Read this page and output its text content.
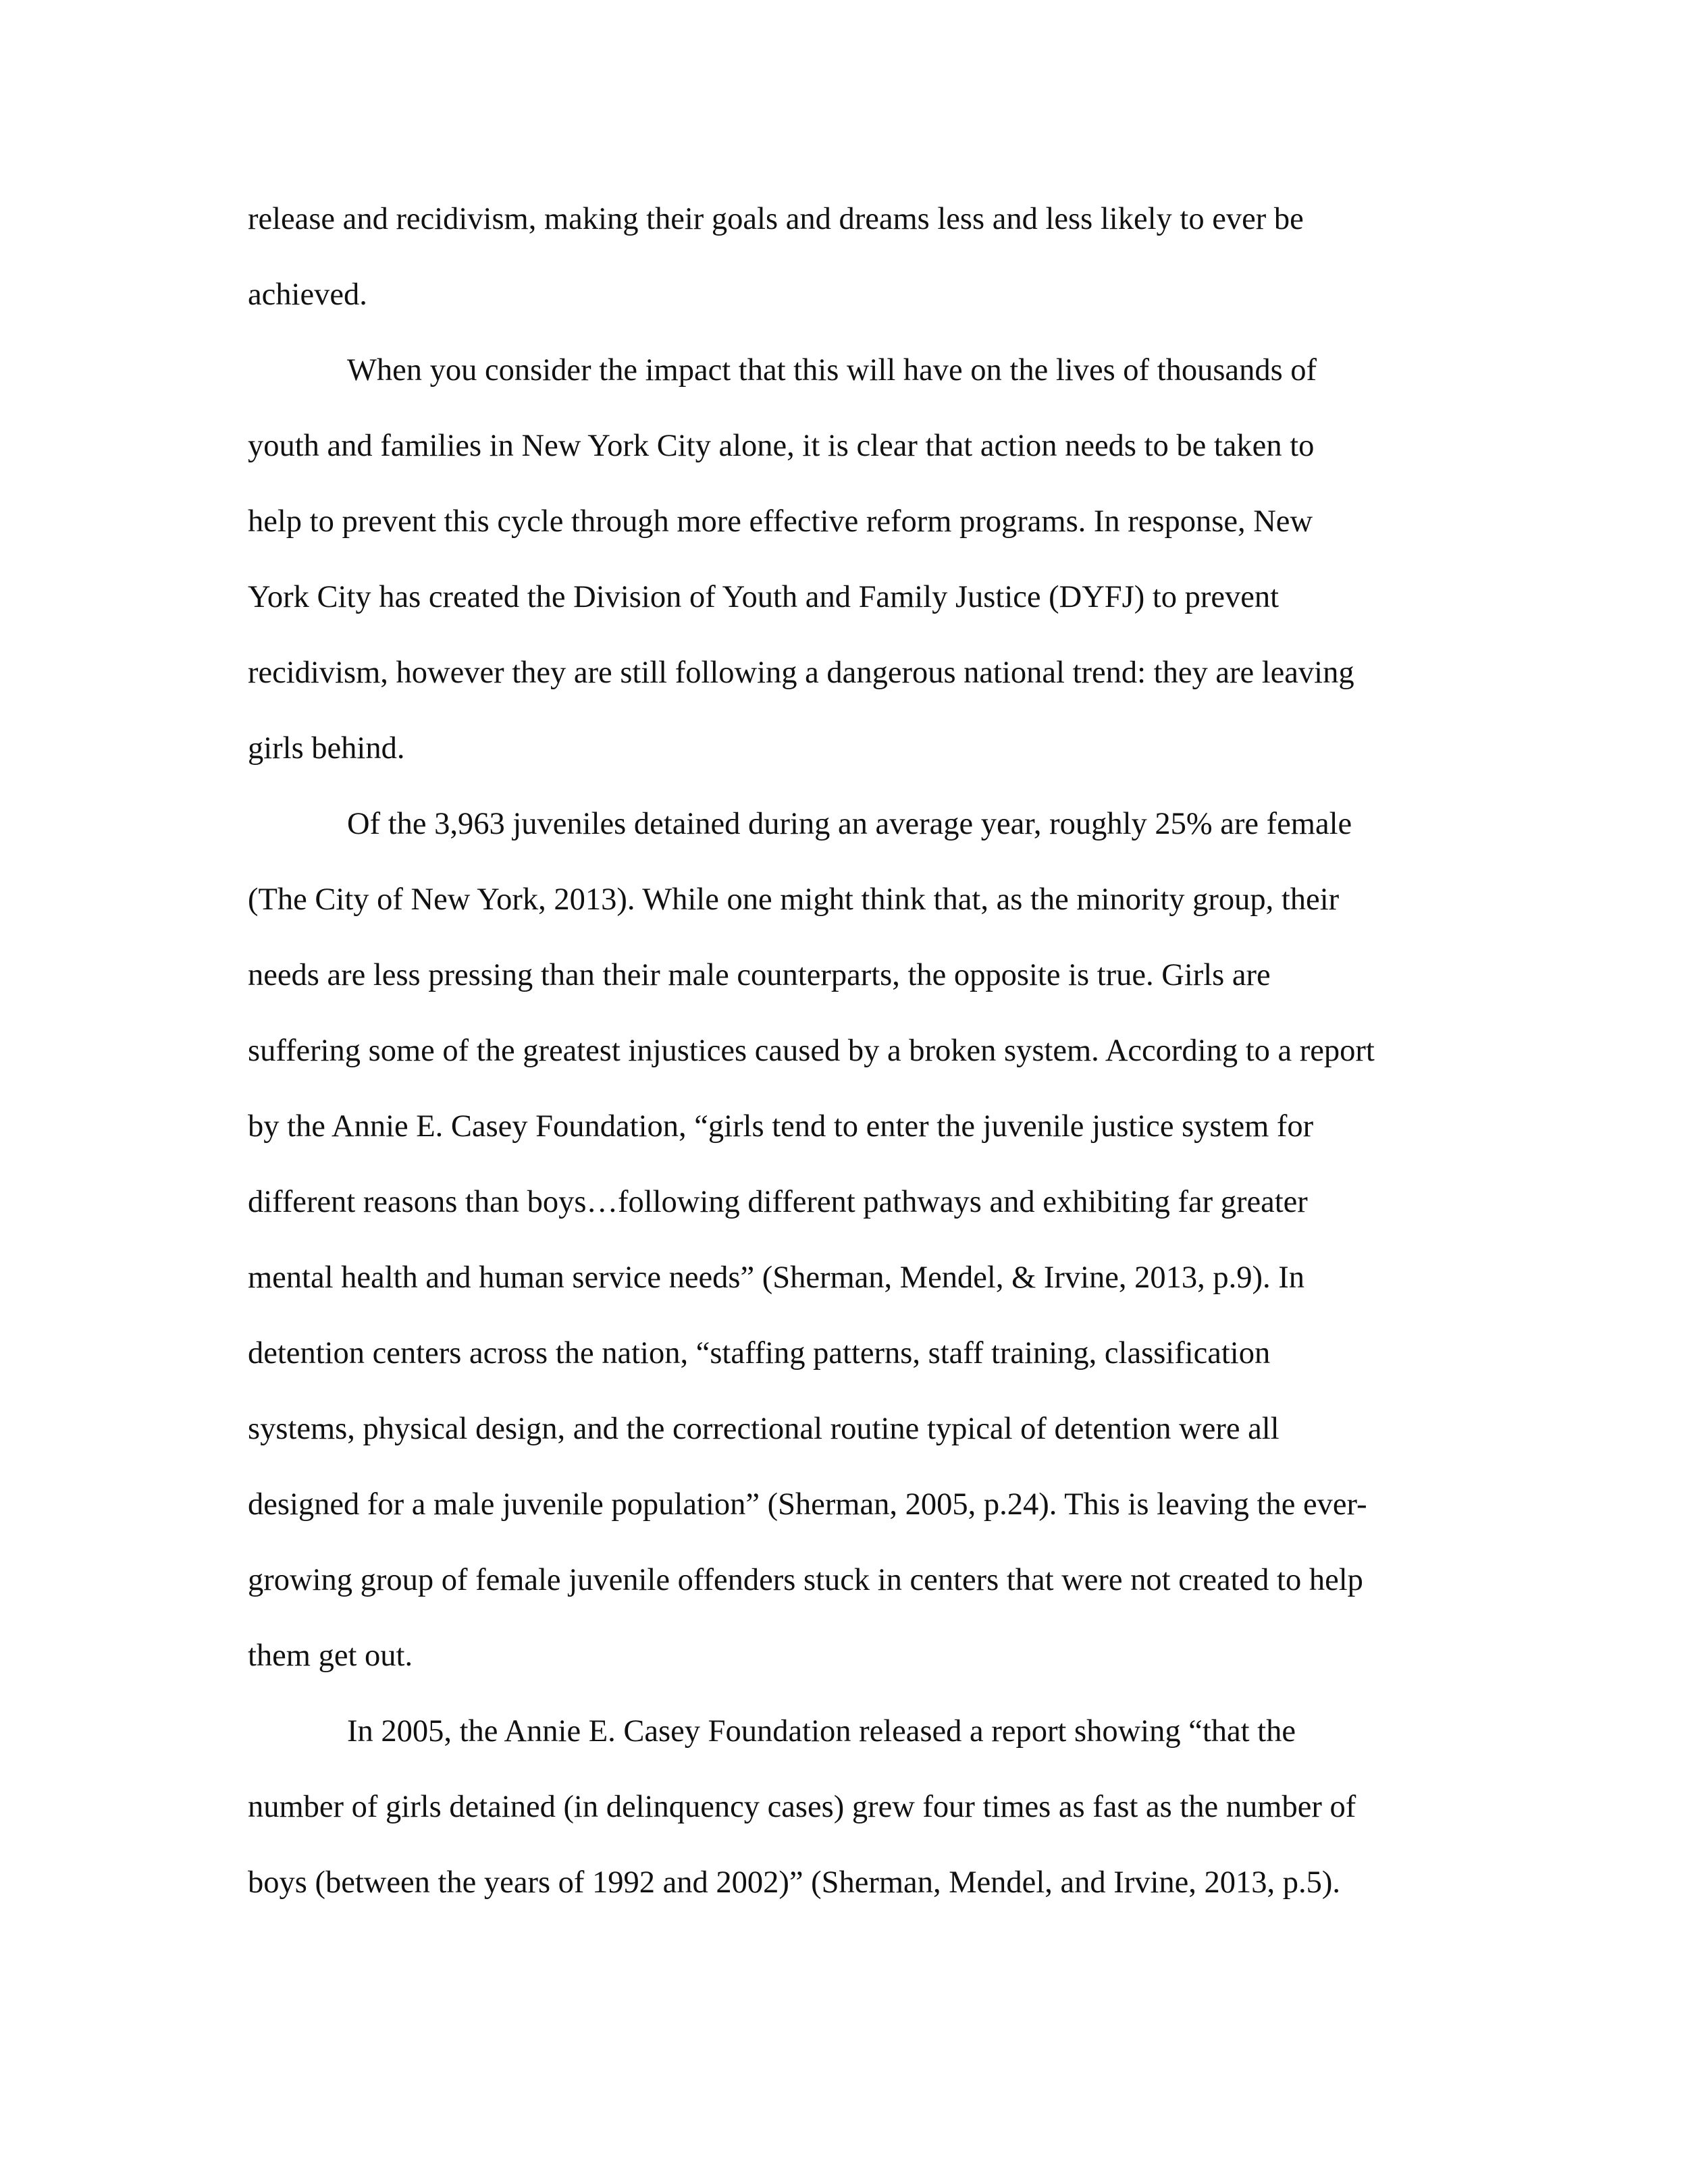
release and recidivism, making their goals and dreams less and less likely to ever be
achieved.
When you consider the impact that this will have on the lives of thousands of
youth and families in New York City alone, it is clear that action needs to be taken to
help to prevent this cycle through more effective reform programs. In response, New
York City has created the Division of Youth and Family Justice (DYFJ) to prevent
recidivism, however they are still following a dangerous national trend: they are leaving
girls behind.
Of the 3,963 juveniles detained during an average year, roughly 25% are female
(The City of New York, 2013). While one might think that, as the minority group, their
needs are less pressing than their male counterparts, the opposite is true. Girls are
suffering some of the greatest injustices caused by a broken system. According to a report
by the Annie E. Casey Foundation, “girls tend to enter the juvenile justice system for
different reasons than boys…following different pathways and exhibiting far greater
mental health and human service needs” (Sherman, Mendel, & Irvine, 2013, p.9). In
detention centers across the nation, “staffing patterns, staff training, classification
systems, physical design, and the correctional routine typical of detention were all
designed for a male juvenile population” (Sherman, 2005, p.24). This is leaving the ever-
growing group of female juvenile offenders stuck in centers that were not created to help
them get out.
In 2005, the Annie E. Casey Foundation released a report showing “that the
number of girls detained (in delinquency cases) grew four times as fast as the number of
boys (between the years of 1992 and 2002)” (Sherman, Mendel, and Irvine, 2013, p.5).
